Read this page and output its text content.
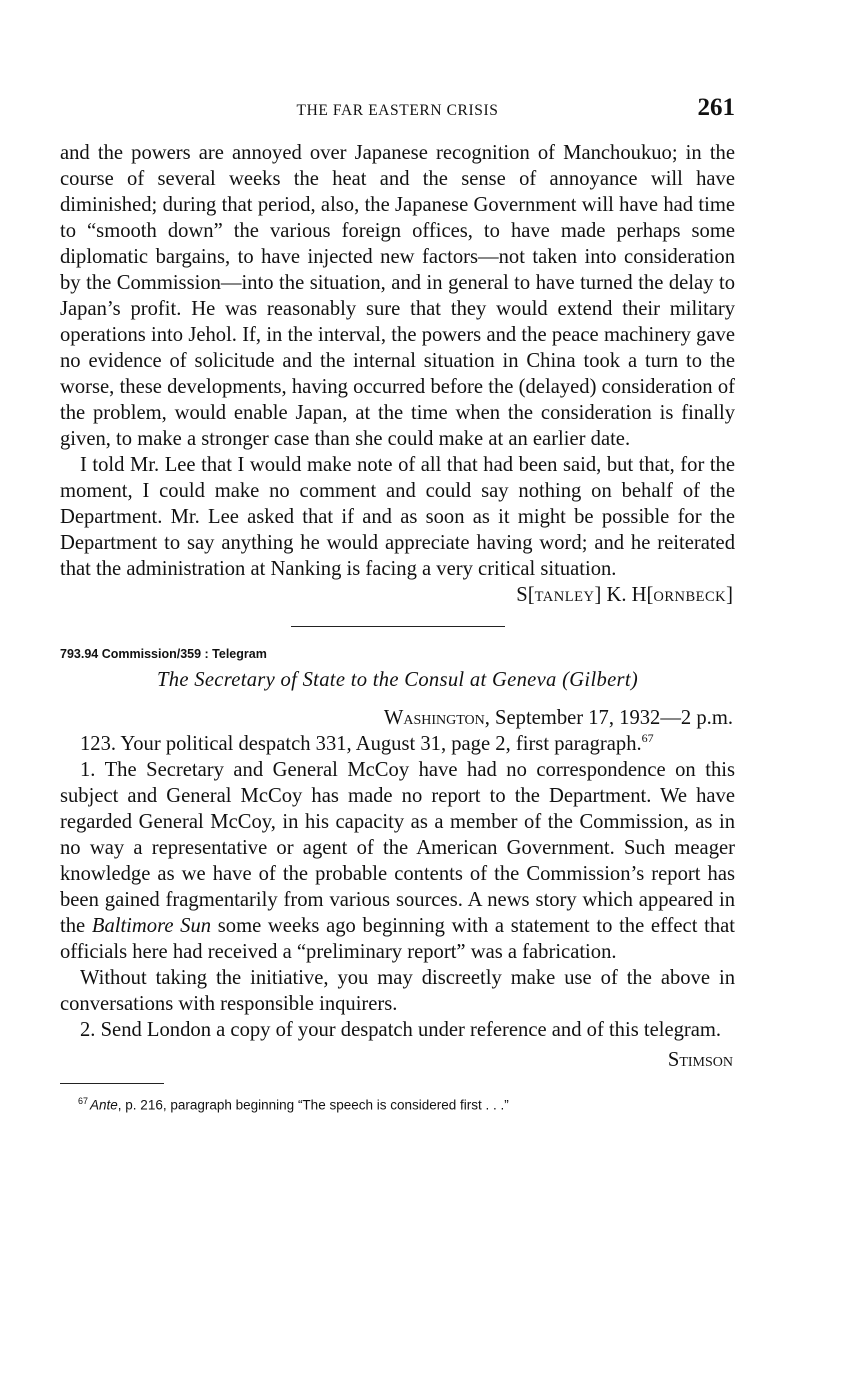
THE FAR EASTERN CRISIS	261

and the powers are annoyed over Japanese recognition of Manchoukuo; in the course of several weeks the heat and the sense of annoyance will have diminished; during that period, also, the Japanese Government will have had time to “smooth down” the various foreign offices, to have made perhaps some diplomatic bargains, to have injected new factors—not taken into consideration by the Commission—into the situation, and in general to have turned the delay to Japan’s profit. He was reasonably sure that they would extend their military operations into Jehol. If, in the interval, the powers and the peace machinery gave no evidence of solicitude and the internal situation in China took a turn to the worse, these developments, having occurred before the (delayed) consideration of the problem, would enable Japan, at the time when the consideration is finally given, to make a stronger case than she could make at an earlier date.

I told Mr. Lee that I would make note of all that had been said, but that, for the moment, I could make no comment and could say nothing on behalf of the Department. Mr. Lee asked that if and as soon as it might be possible for the Department to say anything he would appreciate having word; and he reiterated that the administration at Nanking is facing a very critical situation.

S[TANLEY] K. H[ORNBECK]

793.94 Commission/359 : Telegram

The Secretary of State to the Consul at Geneva (Gilbert)
Washington, September 17, 1932—2 p.m.

123. Your political despatch 331, August 31, page 2, first paragraph.$^{67}$

1. The Secretary and General McCoy have had no correspondence on this subject and General McCoy has made no report to the Department. We have regarded General McCoy, in his capacity as a member of the Commission, as in no way a representative or agent of the American Government. Such meager knowledge as we have of the probable contents of the Commission’s report has been gained fragmentarily from various sources. A news story which appeared in the Baltimore Sun some weeks ago beginning with a statement to the effect that officials here had received a “preliminary report” was a fabrication.

Without taking the initiative, you may discreetly make use of the above in conversations with responsible inquirers.

2. Send London a copy of your despatch under reference and of this telegram.

Stimson

$^{67}$ Ante, p. 216, paragraph beginning “The speech is considered first . . .”
